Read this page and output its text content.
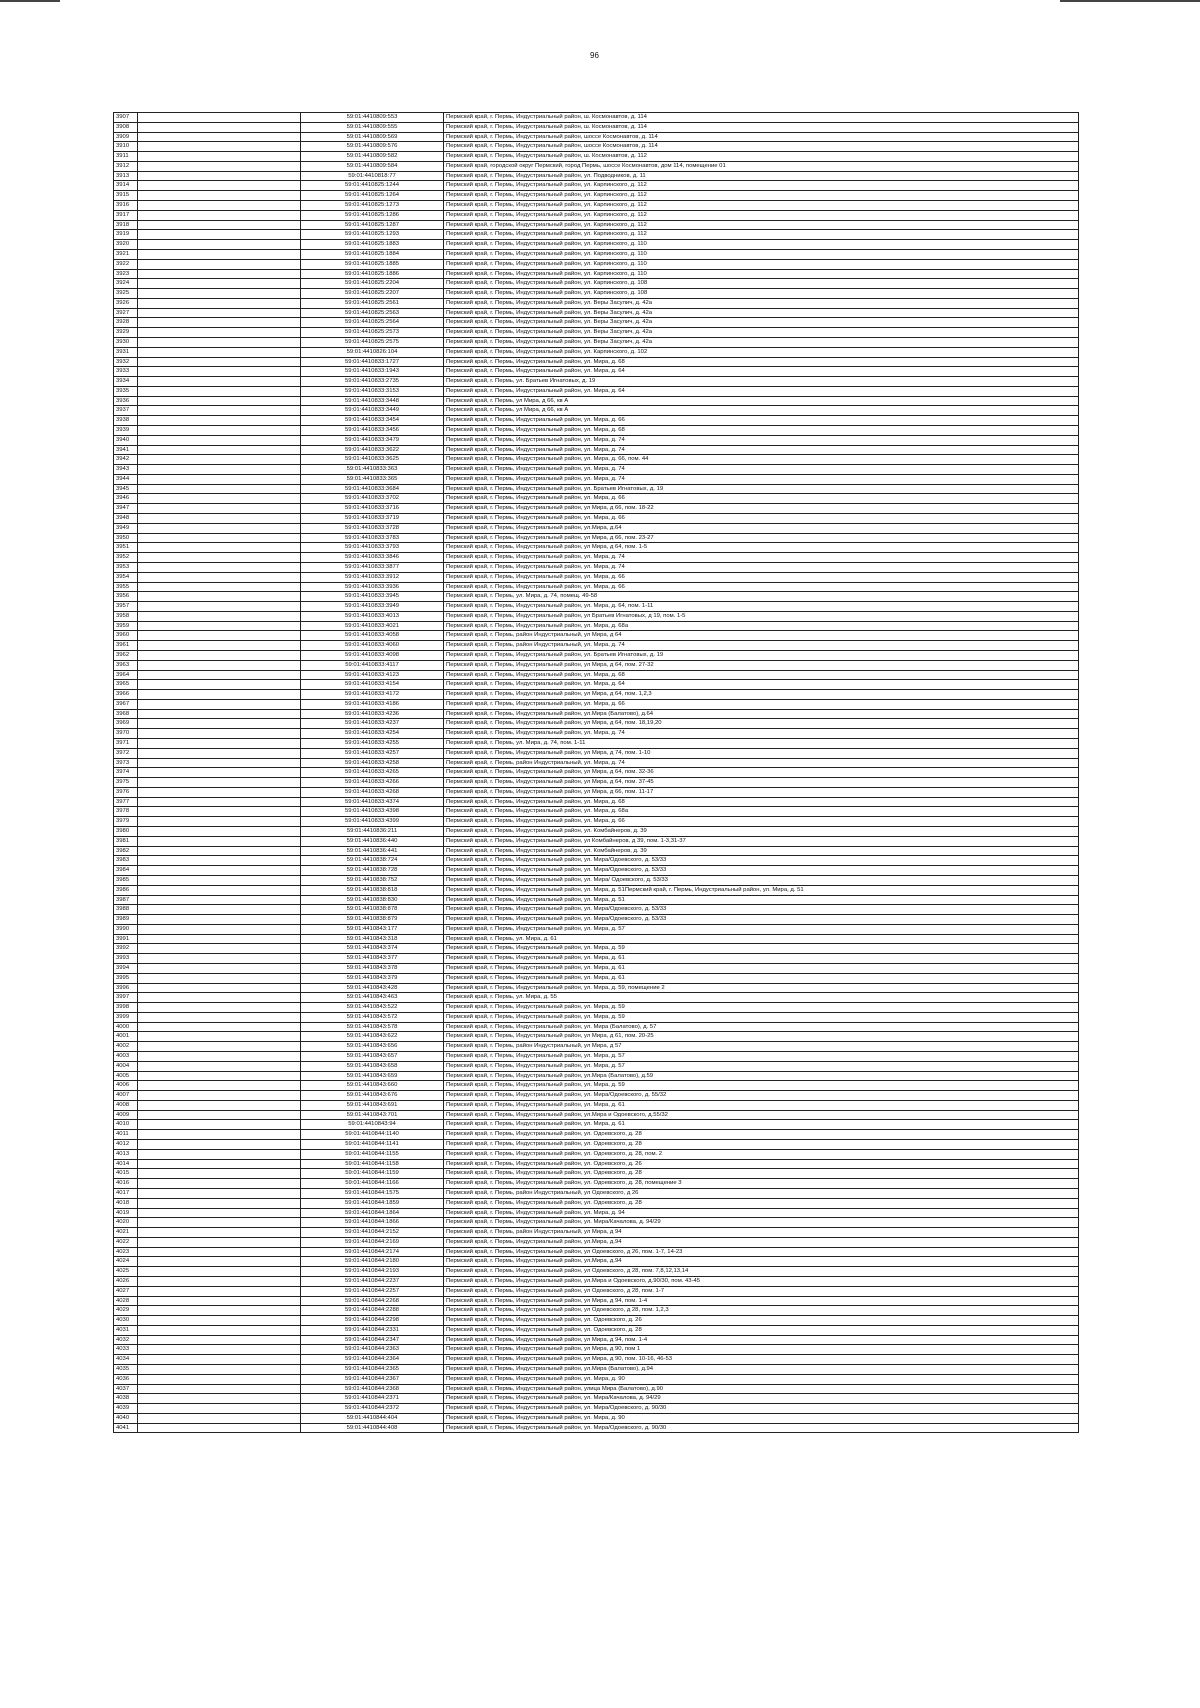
96
3907		59:01:4410809:553	Пермский край, г. Пермь, Индустриальный район, ш. Космонавтов, д. 114
3908		59:01:4410809:555	Пермский край, г. Пермь, Индустриальный район, ш. Космонавтов, д. 114
3909		59:01:4410809:569	Пермский край, г. Пермь, Индустриальный район, шоссе Космонавтов, д. 114
3910		59:01:4410809:576	Пермский край, г. Пермь, Индустриальный район, шоссе Космонавтов, д. 114
3911		59:01:4410809:582	Пермский край, г. Пермь, Индустриальный район, ш. Космонавтов, д. 112
3912		59:01:4410809:584	Пермский край, городской округ Пермский, город Пермь, шоссе Космонавтов, дом 114, помещение 01
3913		59:01:4410818:77	Пермский край, г. Пермь, Индустриальный район, ул. Подводников, д. 11
3914		59:01:4410825:1244	Пермский край, г. Пермь, Индустриальный район, ул. Карпинского, д. 112
3915		59:01:4410825:1264	Пермский край, г. Пермь, Индустриальный район, ул. Карпинского, д. 112
3916		59:01:4410825:1273	Пермский край, г. Пермь, Индустриальный район, ул. Карпинского, д. 112
3917		59:01:4410825:1286	Пермский край, г. Пермь, Индустриальный район, ул. Карпинского, д. 112
3918		59:01:4410825:1287	Пермский край, г. Пермь, Индустриальный район, ул. Карпинского, д. 112
3919		59:01:4410825:1293	Пермский край, г. Пермь, Индустриальный район, ул. Карпинского, д. 112
3920		59:01:4410825:1883	Пермский край, г. Пермь, Индустриальный район, ул. Карпинского, д. 110
3921		59:01:4410825:1884	Пермский край, г. Пермь, Индустриальный район, ул. Карпинского, д. 110
3922		59:01:4410825:1885	Пермский край, г. Пермь, Индустриальный район, ул. Карпинского, д. 110
3923		59:01:4410825:1886	Пермский край, г. Пермь, Индустриальный район, ул. Карпинского, д. 110
3924		59:01:4410825:2204	Пермский край, г. Пермь, Индустриальный район, ул. Карпинского, д. 108
3925		59:01:4410825:2207	Пермский край, г. Пермь, Индустриальный район, ул. Карпинского, д. 108
3926		59:01:4410825:2561	Пермский край, г. Пермь, Индустриальный район, ул. Веры Засулич, д. 42а
3927		59:01:4410825:2563	Пермский край, г. Пермь, Индустриальный район, ул. Веры Засулич, д. 42а
3928		59:01:4410825:2564	Пермский край, г. Пермь, Индустриальный район, ул. Веры Засулич, д. 42а
3929		59:01:4410825:2573	Пермский край, г. Пермь, Индустриальный район, ул. Веры Засулич, д. 42а
3930		59:01:4410825:2575	Пермский край, г. Пермь, Индустриальный район, ул. Веры Засулич, д. 42а
3931		59:01:4410826:104	Пермский край, г. Пермь, Индустриальный район, ул. Карпинского, д. 102
3932		59:01:4410833:1727	Пермский край, г. Пермь, Индустриальный район, ул. Мира, д. 68
3933		59:01:4410833:1943	Пермский край, г. Пермь, Индустриальный район, ул. Мира, д. 64
3934		59:01:4410833:2735	Пермский край, г. Пермь, ул. Братьев Игнатовых, д. 19
3935		59:01:4410833:3153	Пермский край, г. Пермь, Индустриальный район, ул. Мира, д. 64
3936		59:01:4410833:3448	Пермский край, г. Пермь, ул Мира, д 66, кв А
3937		59:01:4410833:3449	Пермский край, г. Пермь, ул Мира, д 66, кв А
3938		59:01:4410833:3454	Пермский край, г. Пермь, Индустриальный район, ул. Мира, д. 66
3939		59:01:4410833:3456	Пермский край, г. Пермь, Индустриальный район, ул. Мира, д. 68
3940		59:01:4410833:3479	Пермский край, г. Пермь, Индустриальный район, ул. Мира, д. 74
3941		59:01:4410833:3622	Пермский край, г. Пермь, Индустриальный район, ул. Мира, д. 74
3942		59:01:4410833:3625	Пермский край, г. Пермь, Индустриальный район, ул. Мира, д. 66, пом. 44
3943		59:01:4410833:363	Пермский край, г. Пермь, Индустриальный район, ул. Мира, д. 74
3944		59:01:4410833:365	Пермский край, г. Пермь, Индустриальный район, ул. Мира, д. 74
3945		59:01:4410833:3684	Пермский край, г. Пермь, Индустриальный район, ул. Братьев Игнатовых, д. 19
3946		59:01:4410833:3702	Пермский край, г. Пермь, Индустриальный район, ул. Мира, д. 66
3947		59:01:4410833:3716	Пермский край, г. Пермь, Индустриальный район, ул Мира, д 66, пом. 18-22
3948		59:01:4410833:3719	Пермский край, г. Пермь, Индустриальный район, ул. Мира, д. 66
3949		59:01:4410833:3728	Пермский край, г. Пермь, Индустриальный район, ул.Мира, д.64
3950		59:01:4410833:3783	Пермский край, г. Пермь, Индустриальный район, ул Мира, д 66, пом. 23-27
3951		59:01:4410833:3793	Пермский край, г. Пермь, Индустриальный район, ул Мира, д 64, пом. 1-5
3952		59:01:4410833:3846	Пермский край, г. Пермь, Индустриальный район, ул. Мира, д. 74
3953		59:01:4410833:3877	Пермский край, г. Пермь, Индустриальный район, ул. Мира, д. 74
3954		59:01:4410833:3912	Пермский край, г. Пермь, Индустриальный район, ул. Мира, д. 66
3955		59:01:4410833:3936	Пермский край, г. Пермь, Индустриальный район, ул. Мира, д. 66
3956		59:01:4410833:3945	Пермский край, г. Пермь, ул. Мира, д. 74, помещ. 49-58
3957		59:01:4410833:3949	Пермский край, г. Пермь, Индустриальный район, ул. Мира, д. 64, пом. 1-11
3958		59:01:4410833:4013	Пермский край, г. Пермь, Индустриальный район, ул Братьев Игнатовых, д 19, пом. 1-5
3959		59:01:4410833:4021	Пермский край, г. Пермь, Индустриальный район, ул. Мира, д. 68а
3960		59:01:4410833:4058	Пермский край, г. Пермь, район Индустриальный, ул Мира, д 64
3961		59:01:4410833:4060	Пермский край, г. Пермь, район Индустриальный, ул. Мира, д. 74
3962		59:01:4410833:4098	Пермский край, г. Пермь, Индустриальный район, ул. Братьев Игнатовых, д. 19
3963		59:01:4410833:4117	Пермский край, г. Пермь, Индустриальный район, ул Мира, д 64, пом. 27-32
3964		59:01:4410833:4123	Пермский край, г. Пермь, Индустриальный район, ул. Мира, д. 68
3965		59:01:4410833:4154	Пермский край, г. Пермь, Индустриальный район, ул. Мира, д. 64
3966		59:01:4410833:4172	Пермский край, г. Пермь, Индустриальный район, ул Мира, д 64, пом. 1,2,3
3967		59:01:4410833:4186	Пермский край, г. Пермь, Индустриальный район, ул. Мира, д. 66
3968		59:01:4410833:4236	Пермский край, г. Пермь, Индустриальный район, ул.Мира (Балатово), д.64
3969		59:01:4410833:4237	Пермский край, г. Пермь, Индустриальный район, ул Мира, д 64, пом. 18,19,20
3970		59:01:4410833:4254	Пермский край, г. Пермь, Индустриальный район, ул. Мира, д. 74
3971		59:01:4410833:4255	Пермский край, г. Пермь, ул. Мира, д. 74, пом. 1-11
3972		59:01:4410833:4257	Пермский край, г. Пермь, Индустриальный район, ул Мира, д 74, пом. 1-10
3973		59:01:4410833:4258	Пермский край, г. Пермь, район Индустриальный, ул. Мира, д. 74
3974		59:01:4410833:4265	Пермский край, г. Пермь, Индустриальный район, ул Мира, д 64, пом. 32-36
3975		59:01:4410833:4266	Пермский край, г. Пермь, Индустриальный район, ул Мира, д 64, пом. 37-45
3976		59:01:4410833:4268	Пермский край, г. Пермь, Индустриальный район, ул Мира, д 66, пом. 11-17
3977		59:01:4410833:4374	Пермский край, г. Пермь, Индустриальный район, ул. Мира, д. 68
3978		59:01:4410833:4398	Пермский край, г. Пермь, Индустриальный район, ул. Мира, д. 68а
3979		59:01:4410833:4399	Пермский край, г. Пермь, Индустриальный район, ул. Мира, д. 66
3980		59:01:4410836:211	Пермский край, г. Пермь, Индустриальный район, ул. Комбайнеров, д. 39
3981		59:01:4410836:440	Пермский край, г. Пермь, Индустриальный район, ул Комбайнеров, д 39, пом. 1-3,31-37
3982		59:01:4410836:441	Пермский край, г. Пермь, Индустриальный район, ул. Комбайнеров, д. 39
3983		59:01:4410838:724	Пермский край, г. Пермь, Индустриальный район, ул. Мира/Одоевского, д. 53/33
3984		59:01:4410838:728	Пермский край, г. Пермь, Индустриальный район, ул. Мира/Одоевского, д. 53/33
3985		59:01:4410838:752	Пермский край, г. Пермь, Индустриальный район, ул. Мира/ Одоевского, д. 53/33
3986		59:01:4410838:818	Пермский край, г. Пермь, Индустриальный район, ул. Мира, д. 51Пермский край, г. Пермь, Индустриальный район, ул. Мира, д. 51
3987		59:01:4410838:830	Пермский край, г. Пермь, Индустриальный район, ул. Мира, д. 51
3988		59:01:4410838:878	Пермский край, г. Пермь, Индустриальный район, ул. Мира/Одоевского, д. 53/33
3989		59:01:4410838:879	Пермский край, г. Пермь, Индустриальный район, ул. Мира/Одоевского, д. 53/33
3990		59:01:4410843:177	Пермский край, г. Пермь, Индустриальный район, ул. Мира, д. 57
3991		59:01:4410843:318	Пермский край, г. Пермь, ул. Мира, д. 61
3992		59:01:4410843:374	Пермский край, г. Пермь, Индустриальный район, ул. Мира, д. 59
3993		59:01:4410843:377	Пермский край, г. Пермь, Индустриальный район, ул. Мира, д. 61
3994		59:01:4410843:378	Пермский край, г. Пермь, Индустриальный район, ул. Мира, д. 61
3995		59:01:4410843:379	Пермский край, г. Пермь, Индустриальный район, ул. Мира, д. 61
3996		59:01:4410843:428	Пермский край, г. Пермь, Индустриальный район, ул. Мира, д. 59, помещение 2
3997		59:01:4410843:463	Пермский край, г. Пермь, ул. Мира, д. 55
3998		59:01:4410843:522	Пермский край, г. Пермь, Индустриальный район, ул. Мира, д. 59
3999		59:01:4410843:572	Пермский край, г. Пермь, Индустриальный район, ул. Мира, д. 59
4000		59:01:4410843:578	Пермский край, г. Пермь, Индустриальный район, ул. Мира (Балатово), д. 57
4001		59:01:4410843:622	Пермский край, г. Пермь, Индустриальный район, ул Мира, д 61, пом. 20-25
4002		59:01:4410843:656	Пермский край, г. Пермь, район Индустриальный, ул Мира, д 57
4003		59:01:4410843:657	Пермский край, г. Пермь, Индустриальный район, ул. Мира, д. 57
4004		59:01:4410843:658	Пермский край, г. Пермь, Индустриальный район, ул. Мира, д. 57
4005		59:01:4410843:659	Пермский край, г. Пермь, Индустриальный район, ул.Мира (Балатово), д.59
4006		59:01:4410843:660	Пермский край, г. Пермь, Индустриальный район, ул. Мира, д. 59
4007		59:01:4410843:676	Пермский край, г. Пермь, Индустриальный район, ул. Мира/Одоевского, д. 55/32
4008		59:01:4410843:691	Пермский край, г. Пермь, Индустриальный район, ул. Мира, д. 61
4009		59:01:4410843:701	Пермский край, г. Пермь, Индустриальный район, ул.Мира и Одоевского, д.55/32
4010		59:01:4410843:94	Пермский край, г. Пермь, Индустриальный район, ул. Мира, д. 61
4011		59:01:4410844:1140	Пермский край, г. Пермь, Индустриальный район, ул. Одоевского, д. 28
4012		59:01:4410844:1141	Пермский край, г. Пермь, Индустриальный район, ул. Одоевского, д. 28
4013		59:01:4410844:1155	Пермский край, г. Пермь, Индустриальный район, ул. Одоевского, д. 28, пом. 2
4014		59:01:4410844:1158	Пермский край, г. Пермь, Индустриальный район, ул. Одоевского, д. 26
4015		59:01:4410844:1159	Пермский край, г. Пермь, Индустриальный район, ул. Одоевского, д. 28
4016		59:01:4410844:1166	Пермский край, г. Пермь, Индустриальный район, ул. Одоевского, д. 28, помещение 3
4017		59:01:4410844:1575	Пермский край, г. Пермь, район Индустриальный, ул Одоевского, д 26
4018		59:01:4410844:1859	Пермский край, г. Пермь, Индустриальный район, ул. Одоевского, д. 28
4019		59:01:4410844:1864	Пермский край, г. Пермь, Индустриальный район, ул. Мира, д. 94
4020		59:01:4410844:1866	Пермский край, г. Пермь, Индустриальный район, ул. Мира/Качалова, д. 94/29
4021		59:01:4410844:2152	Пермский край, г. Пермь, район Индустриальный, ул Мира, д 94
4022		59:01:4410844:2169	Пермский край, г. Пермь, Индустриальный район, ул.Мира, д.94
4023		59:01:4410844:2174	Пермский край, г. Пермь, Индустриальный район, ул Одоевского, д 26, пом. 1-7, 14-23
4024		59:01:4410844:2180	Пермский край, г. Пермь, Индустриальный район, ул.Мира, д.94
4025		59:01:4410844:2193	Пермский край, г. Пермь, Индустриальный район, ул Одоевского, д 28, пом. 7,8,12,13,14
4026		59:01:4410844:2237	Пермский край, г. Пермь, Индустриальный район, ул.Мира и Одоевского, д.90/30, пом. 43-45
4027		59:01:4410844:2257	Пермский край, г. Пермь, Индустриальный район, ул Одоевского, д 28, пом. 1-7
4028		59:01:4410844:2268	Пермский край, г. Пермь, Индустриальный район, ул Мира, д 94, пом. 1-4
4029		59:01:4410844:2288	Пермский край, г. Пермь, Индустриальный район, ул Одоевского, д 28, пом. 1,2,3
4030		59:01:4410844:2298	Пермский край, г. Пермь, Индустриальный район, ул. Одоевского, д. 26
4031		59:01:4410844:2331	Пермский край, г. Пермь, Индустриальный район, ул. Одоевского, д. 28
4032		59:01:4410844:2347	Пермский край, г. Пермь, Индустриальный район, ул Мира, д 94, пом. 1-4
4033		59:01:4410844:2363	Пермский край, г. Пермь, Индустриальный район, ул Мира, д 90, пом 1
4034		59:01:4410844:2364	Пермский край, г. Пермь, Индустриальный район, ул Мира, д 90, пом. 10-16, 46-53
4035		59:01:4410844:2365	Пермский край, г. Пермь, Индустриальный район, ул.Мира (Балатово), д.94
4036		59:01:4410844:2367	Пермский край, г. Пермь, Индустриальный район, ул. Мира, д. 90
4037		59:01:4410844:2368	Пермский край, г. Пермь, Индустриальный район, улица Мира (Балатово), д.90
4038		59:01:4410844:2371	Пермский край, г. Пермь, Индустриальный район, ул. Мира/Качалова, д. 94/29
4039		59:01:4410844:2372	Пермский край, г. Пермь, Индустриальный район, ул. Мира/Одоевского, д. 90/30
4040		59:01:4410844:404	Пермский край, г. Пермь, Индустриальный район, ул. Мира, д. 90
4041		59:01:4410844:408	Пермский край, г. Пермь, Индустриальный район, ул. Мира/Одоевского, д. 90/30
